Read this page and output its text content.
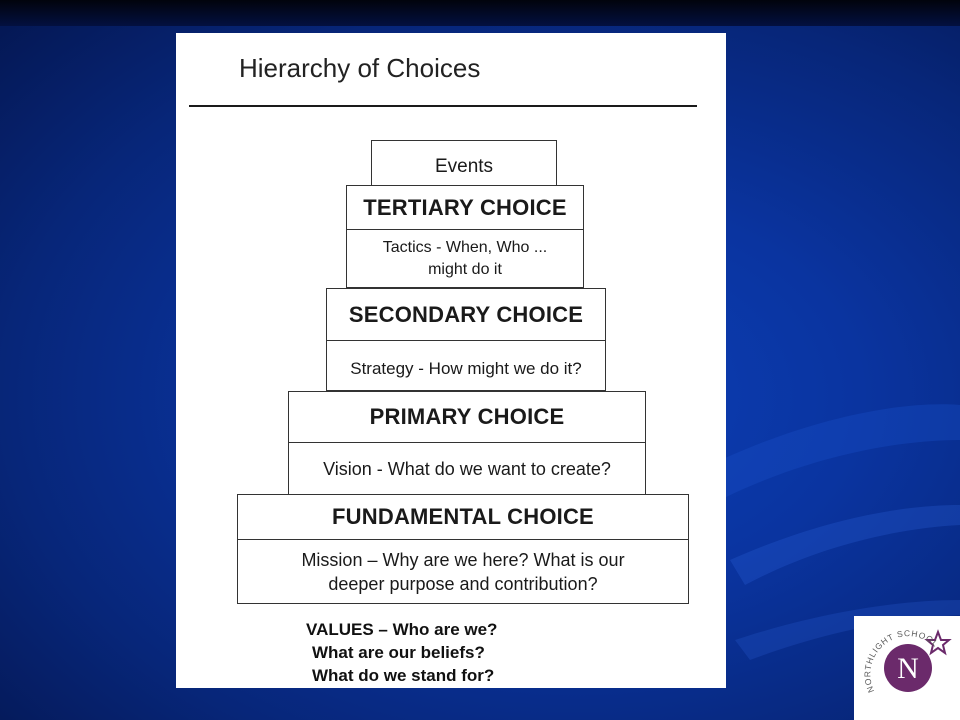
Hierarchy of Choices

Events
TERTIARY CHOICE
Tactics - When, Who ...
might do it
SECONDARY CHOICE
Strategy - How might we do it?
PRIMARY CHOICE
Vision - What do we want to create?
FUNDAMENTAL CHOICE
Mission – Why are we here? What is our
deeper purpose and contribution?
VALUES – Who are we?
What are our beliefs?
What do we stand for?	N
NORTHLIGHT SCHOOL
